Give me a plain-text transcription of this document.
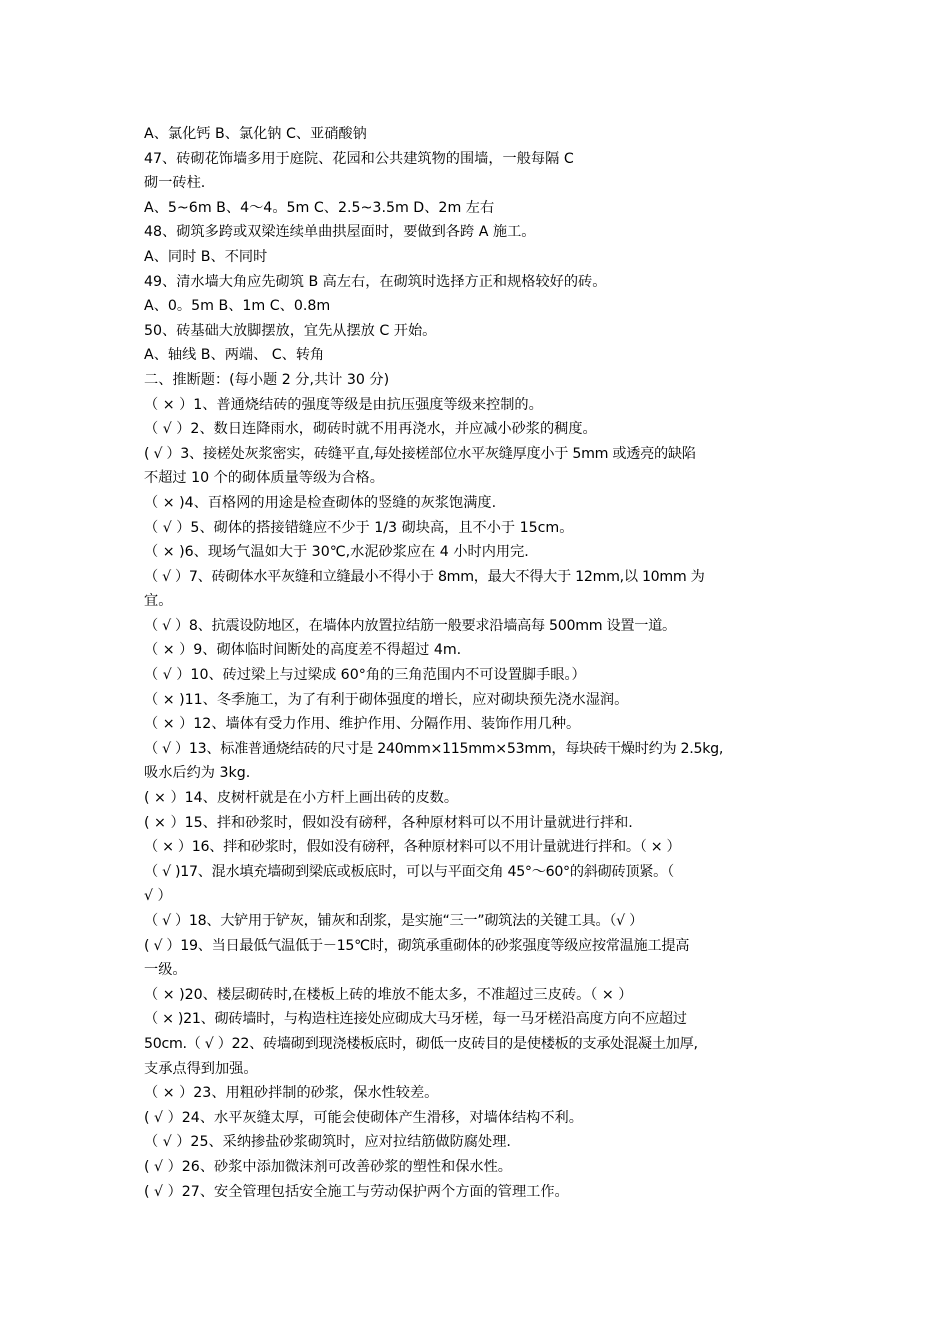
A、氯化钙 B、氯化钠 C、亚硝酸钠
47、砖砌花饰墙多用于庭院、花园和公共建筑物的围墙，一般每隔 C
砌一砖柱.
A、5~6m B、4～4。5m C、2.5~3.5m D、2m 左右
48、砌筑多跨或双梁连续单曲拱屋面时，要做到各跨 A 施工。
A、同时 B、不同时
49、清水墙大角应先砌筑 B 高左右，在砌筑时选择方正和规格较好的砖。
A、0。5m B、1m C、0.8m
50、砖基础大放脚摆放，宜先从摆放 C 开始。
A、轴线 B、两端、 C、转角
二、推断题：(每小题 2 分,共计 30 分)
（ × ）1、普通烧结砖的强度等级是由抗压强度等级来控制的。
（ √ ）2、数日连降雨水，砌砖时就不用再浇水，并应减小砂浆的稠度。
( √ ）3、接槎处灰浆密实，砖缝平直,每处接槎部位水平灰缝厚度小于 5mm 或透亮的缺陷
不超过 10 个的砌体质量等级为合格。
（ × )4、百格网的用途是检查砌体的竖缝的灰浆饱满度.
（ √ ）5、砌体的搭接错缝应不少于 1/3 砌块高，且不小于 15cm。
（ × )6、现场气温如大于 30℃,水泥砂浆应在 4 小时内用完.
（ √ ）7、砖砌体水平灰缝和立缝最小不得小于 8mm，最大不得大于 12mm,以 10mm 为
宜。
（ √ ）8、抗震设防地区，在墙体内放置拉结筋一般要求沿墙高每 500mm 设置一道。
（ × ）9、砌体临时间断处的高度差不得超过 4m.
（ √ ）10、砖过梁上与过梁成 60°角的三角范围内不可设置脚手眼。）
（ × )11、冬季施工，为了有利于砌体强度的增长，应对砌块预先浇水湿润。
（ × ）12、墙体有受力作用、维护作用、分隔作用、装饰作用几种。
（ √ ）13、标准普通烧结砖的尺寸是 240mm×115mm×53mm，每块砖干燥时约为 2.5kg,
吸水后约为 3kg.
( × ）14、皮树杆就是在小方杆上画出砖的皮数。
( × ）15、拌和砂浆时，假如没有磅秤，各种原材料可以不用计量就进行拌和.
（ × ）16、拌和砂浆时，假如没有磅秤，各种原材料可以不用计量就进行拌和。（ × ）
（ √ )17、混水填充墙砌到梁底或板底时，可以与平面交角 45°～60°的斜砌砖顶紧。（
√ ）
（ √ ）18、大铲用于铲灰，铺灰和刮浆，是实施“三一”砌筑法的关键工具。（√ ）
( √ ）19、当日最低气温低于－15℃时，砌筑承重砌体的砂浆强度等级应按常温施工提高
一级。
（ × )20、楼层砌砖时,在楼板上砖的堆放不能太多，不准超过三皮砖。（ × ）
（ × )21、砌砖墙时，与构造柱连接处应砌成大马牙槎，每一马牙槎沿高度方向不应超过
50cm.（ √ ）22、砖墙砌到现浇楼板底时，砌低一皮砖目的是使楼板的支承处混凝土加厚,
支承点得到加强。
（ × ）23、用粗砂拌制的砂浆，保水性较差。
( √ ）24、水平灰缝太厚，可能会使砌体产生滑移，对墙体结构不利。
（ √ ）25、采纳掺盐砂浆砌筑时，应对拉结筋做防腐处理.
( √ ）26、砂浆中添加微沫剂可改善砂浆的塑性和保水性。
( √ ）27、安全管理包括安全施工与劳动保护两个方面的管理工作。
